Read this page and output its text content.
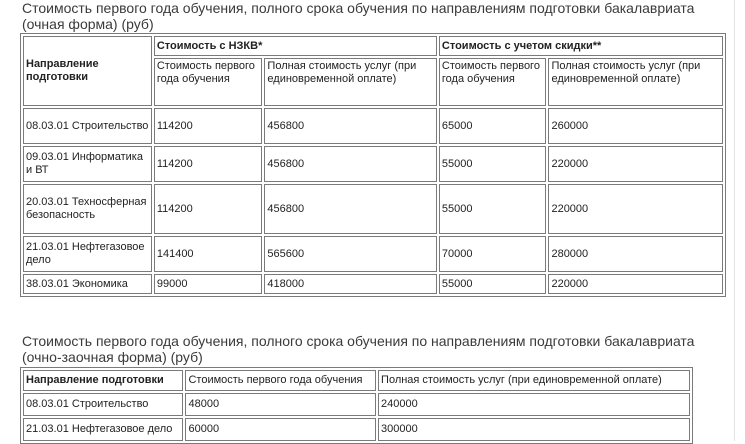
Стоимость первого года обучения, полного срока обучения по направлениям подготовки бакалавриата (очная форма) (руб)
Направление подготовки	Стоимость с НЗКВ*		Стоимость с учетом скидки**	
	Стоимость первого года обучения	Полная стоимость услуг (при единовременной оплате)	Стоимость первого года обучения	Полная стоимость услуг (при единовременной оплате)
08.03.01 Строительство	114200	456800	65000	260000
09.03.01 Информатика и ВТ	114200	456800	55000	220000
20.03.01 Техносферная безопасность	114200	456800	55000	220000
21.03.01 Нефтегазовое дело	141400	565600	70000	280000
38.03.01 Экономика	99000	418000	55000	220000
Стоимость первого года обучения, полного срока обучения по направлениям подготовки бакалавриата (очно-заочная форма) (руб)
Направление подготовки	Стоимость первого года обучения	Полная стоимость услуг (при единовременной оплате)
08.03.01 Строительство	48000	240000
21.03.01 Нефтегазовое дело	60000	300000
